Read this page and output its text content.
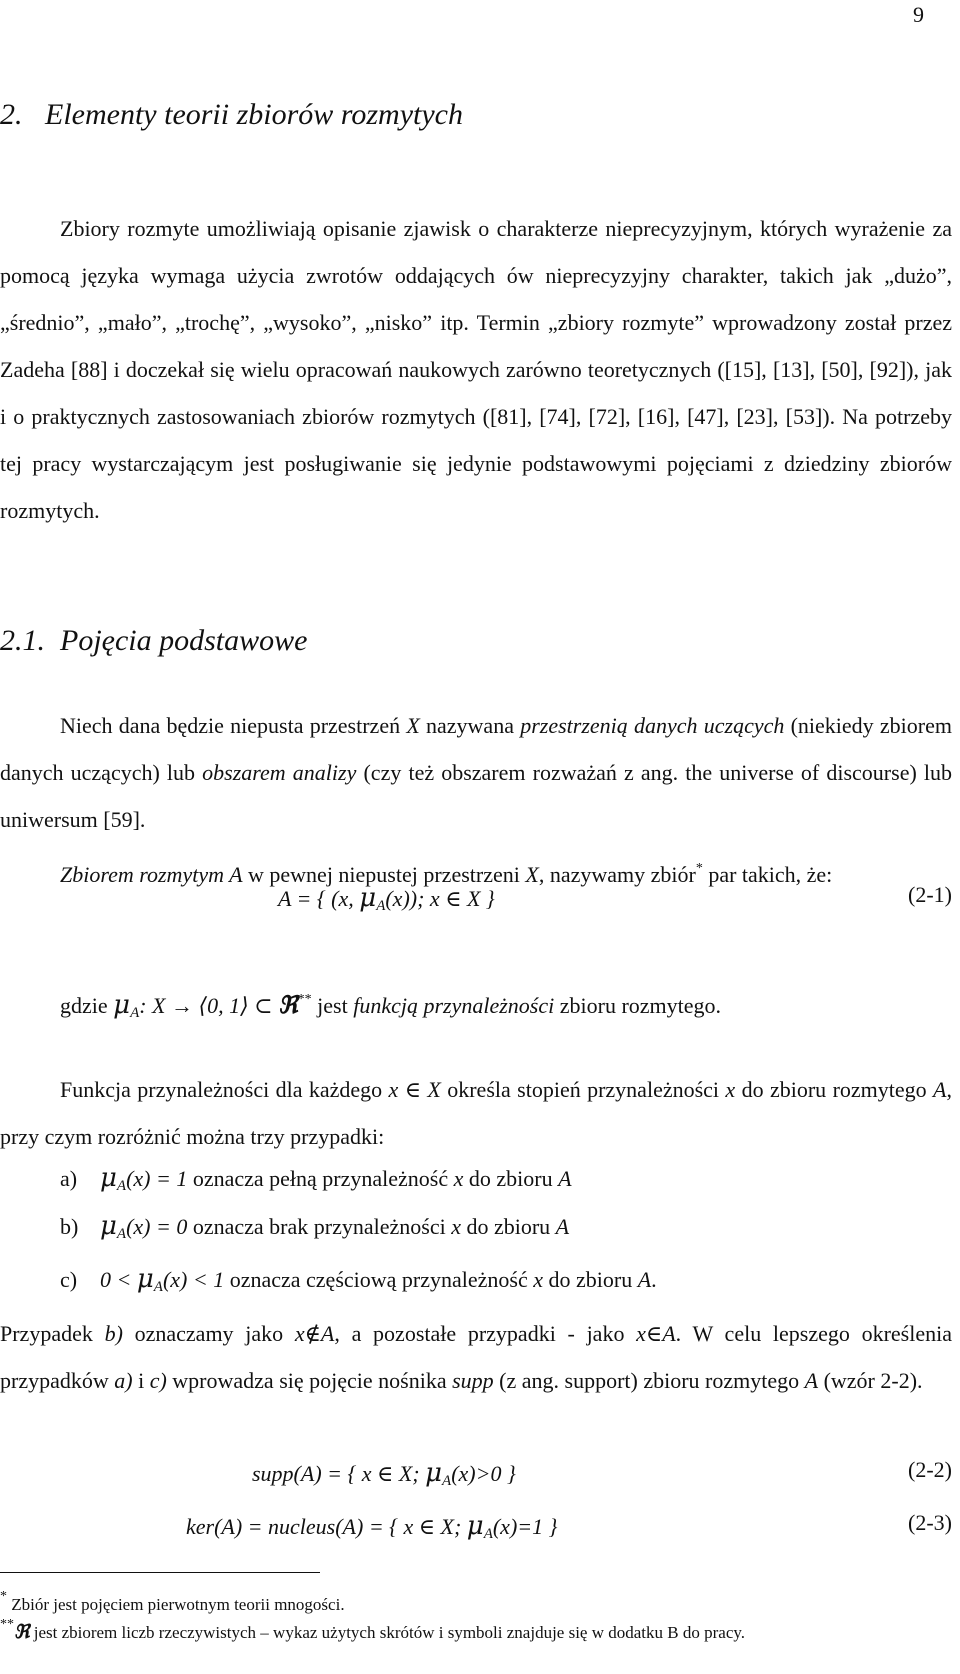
9
2. Elementy teorii zbiorów rozmytych
Zbiory rozmyte umożliwiają opisanie zjawisk o charakterze nieprecyzyjnym, których wyrażenie za pomocą języka wymaga użycia zwrotów oddających ów nieprecyzyjny charakter, takich jak „dużo”, „średnio”, „mało”, „trochę”, „wysoko”, „nisko” itp. Termin „zbiory rozmyte” wprowadzony został przez Zadeha [88] i doczekał się wielu opracowań naukowych zarówno teoretycznych ([15], [13], [50], [92]), jak i o praktycznych zastosowaniach zbiorów rozmytych ([81], [74], [72], [16], [47], [23], [53]). Na potrzeby tej pracy wystarczającym jest posługiwanie się jedynie podstawowymi pojęciami z dziedziny zbiorów rozmytych.
2.1. Pojęcia podstawowe
Niech dana będzie niepusta przestrzeń X nazywana przestrzenią danych uczących (niekiedy zbiorem danych uczących) lub obszarem analizy (czy też obszarem rozważań z ang. the universe of discourse) lub uniwersum [59].
Zbiorem rozmytym A w pewnej niepustej przestrzeni X, nazywamy zbiór* par takich, że:
A = { (x, $\mu_A(x)$); x ∈ X }	(2-1)
gdzie $\mu_A$: X → ⟨0, 1⟩ ⊂ ℜ** jest funkcją przynależności zbioru rozmytego.
Funkcja przynależności dla każdego x ∈ X określa stopień przynależności x do zbioru rozmytego A, przy czym rozróżnić można trzy przypadki:
a) $\mu_A(x) = 1$ oznacza pełną przynależność x do zbioru A
b) $\mu_A(x) = 0$ oznacza brak przynależności x do zbioru A
c) $0 < \mu_A(x) < 1$ oznacza częściową przynależność x do zbioru A.
Przypadek b) oznaczamy jako x∉A, a pozostałe przypadki - jako x∈A. W celu lepszego określenia przypadków a) i c) wprowadza się pojęcie nośnika supp (z ang. support) zbioru rozmytego A (wzór 2-2).
supp(A) = { x ∈ X; $\mu_A(x)>0$ }	(2-2)
ker(A) = nucleus(A) = { x ∈ X; $\mu_A(x)=1$ }	(2-3)
* Zbiór jest pojęciem pierwotnym teorii mnogości.
**ℜ jest zbiorem liczb rzeczywistych – wykaz użytych skrótów i symboli znajduje się w dodatku B do pracy.
